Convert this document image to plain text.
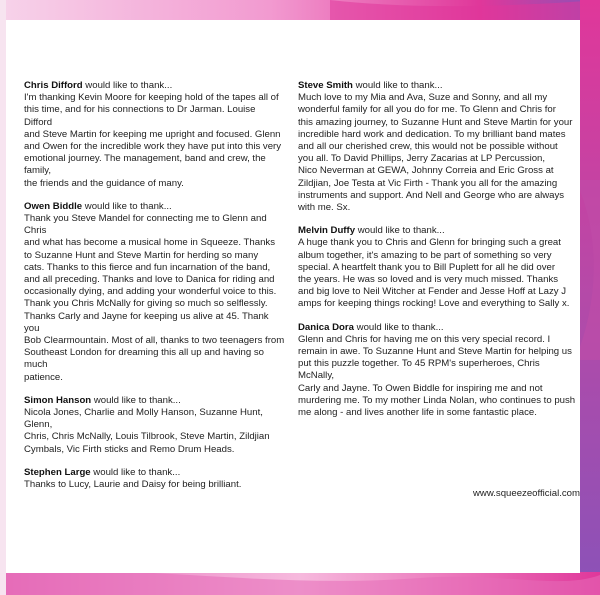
Chris Difford would like to thank...
I'm thanking Kevin Moore for keeping hold of the tapes all of
this time, and for his connections to Dr Jarman. Louise Difford
and Steve Martin for keeping me upright and focused. Glenn
and Owen for the incredible work they have put into this very
emotional journey. The management, band and crew, the family,
the friends and the guidance of many.
Owen Biddle would like to thank...
Thank you Steve Mandel for connecting me to Glenn and Chris
and what has become a musical home in Squeeze. Thanks
to Suzanne Hunt and Steve Martin for herding so many
cats. Thanks to this fierce and fun incarnation of the band,
and all preceding. Thanks and love to Danica for riding and
occasionally dying, and adding your wonderful voice to this.
Thank you Chris McNally for giving so much so selflessly.
Thanks Carly and Jayne for keeping us alive at 45. Thank you
Bob Clearmountain. Most of all, thanks to two teenagers from
Southeast London for dreaming this all up and having so much
patience.
Simon Hanson would like to thank...
Nicola Jones, Charlie and Molly Hanson, Suzanne Hunt, Glenn,
Chris, Chris McNally, Louis Tilbrook, Steve Martin, Zildjian
Cymbals, Vic Firth sticks and Remo Drum Heads.
Stephen Large would like to thank...
Thanks to Lucy, Laurie and Daisy for being brilliant.
Steve Smith would like to thank...
Much love to my Mia and Ava, Suze and Sonny, and all my
wonderful family for all you do for me. To Glenn and Chris for
this amazing journey, to Suzanne Hunt and Steve Martin for your
incredible hard work and dedication. To my brilliant band mates
and all our cherished crew, this would not be possible without
you all. To David Phillips, Jerry Zacarias at LP Percussion,
Nico Neverman at GEWA, Johnny Correia and Eric Gross at
Zildjian, Joe Testa at Vic Firth - Thank you all for the amazing
instruments and support. And Nell and George who are always
with me. Sx.
Melvin Duffy would like to thank...
A huge thank you to Chris and Glenn for bringing such a great
album together, it's amazing to be part of something so very
special. A heartfelt thank you to Bill Puplett for all he did over
the years. He was so loved and is very much missed. Thanks
and big love to Neil Witcher at Fender and Jesse Hoff at Lazy J
amps for keeping things rocking! Love and everything to Sally x.
Danica Dora would like to thank...
Glenn and Chris for having me on this very special record. I
remain in awe. To Suzanne Hunt and Steve Martin for helping us
put this puzzle together. To 45 RPM's superheroes, Chris McNally,
Carly and Jayne. To Owen Biddle for inspiring me and not
murdering me. To my mother Linda Nolan, who continues to push
me along - and lives another life in some fantastic place.
www.squeezeofficial.com
